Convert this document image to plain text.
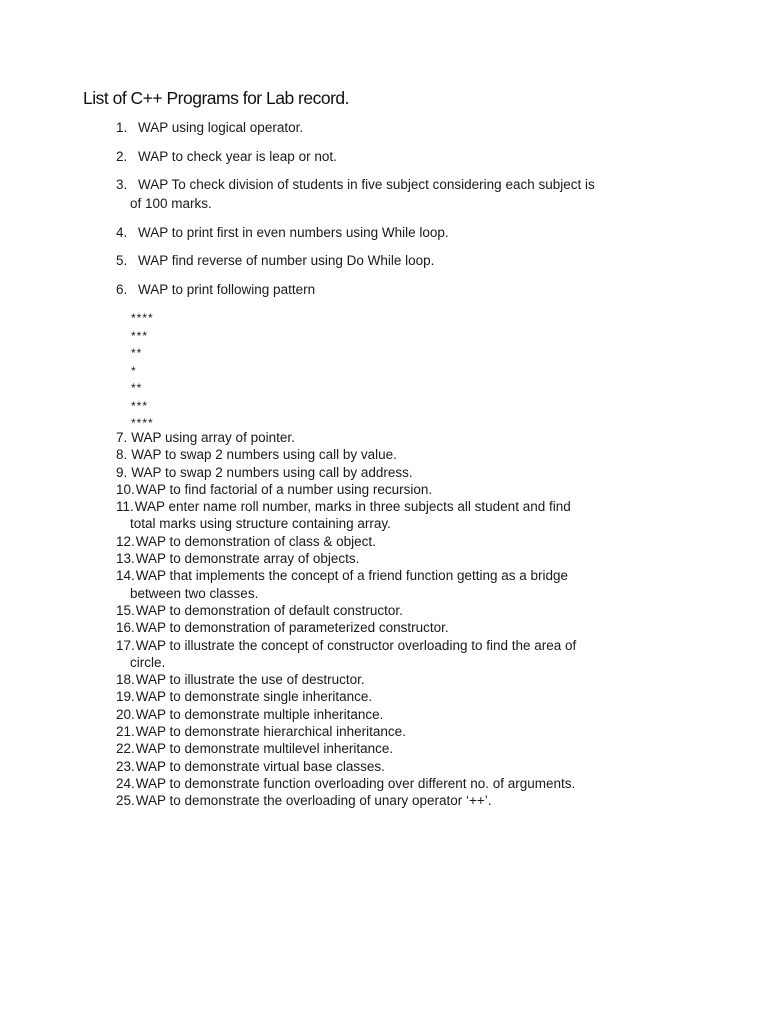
List of C++ Programs for Lab record.
1. WAP using logical operator.
2. WAP to check year is leap or not.
3. WAP To check division of students in five subject considering each subject is
of 100 marks.
4. WAP to print first in even numbers using While loop.
5. WAP find reverse of number using Do While loop.
6. WAP to print following pattern
****
***
**
*
**
***
****
7. WAP using array of pointer.
8. WAP to swap 2 numbers using call by value.
9. WAP to swap 2 numbers using call by address.
10. WAP to find factorial of a number using recursion.
11. WAP enter name roll number, marks in three subjects all student and find
total marks using structure containing array.
12. WAP to demonstration of class & object.
13. WAP to demonstrate array of objects.
14. WAP that implements the concept of a friend function getting as a bridge
between two classes.
15. WAP to demonstration of default constructor.
16. WAP to demonstration of parameterized constructor.
17. WAP to illustrate the concept of constructor overloading to find the area of
circle.
18. WAP to illustrate the use of destructor.
19. WAP to demonstrate single inheritance.
20. WAP to demonstrate multiple inheritance.
21. WAP to demonstrate hierarchical inheritance.
22. WAP to demonstrate multilevel inheritance.
23. WAP to demonstrate virtual base classes.
24. WAP to demonstrate function overloading over different no. of arguments.
25. WAP to demonstrate the overloading of unary operator ‘++’.
